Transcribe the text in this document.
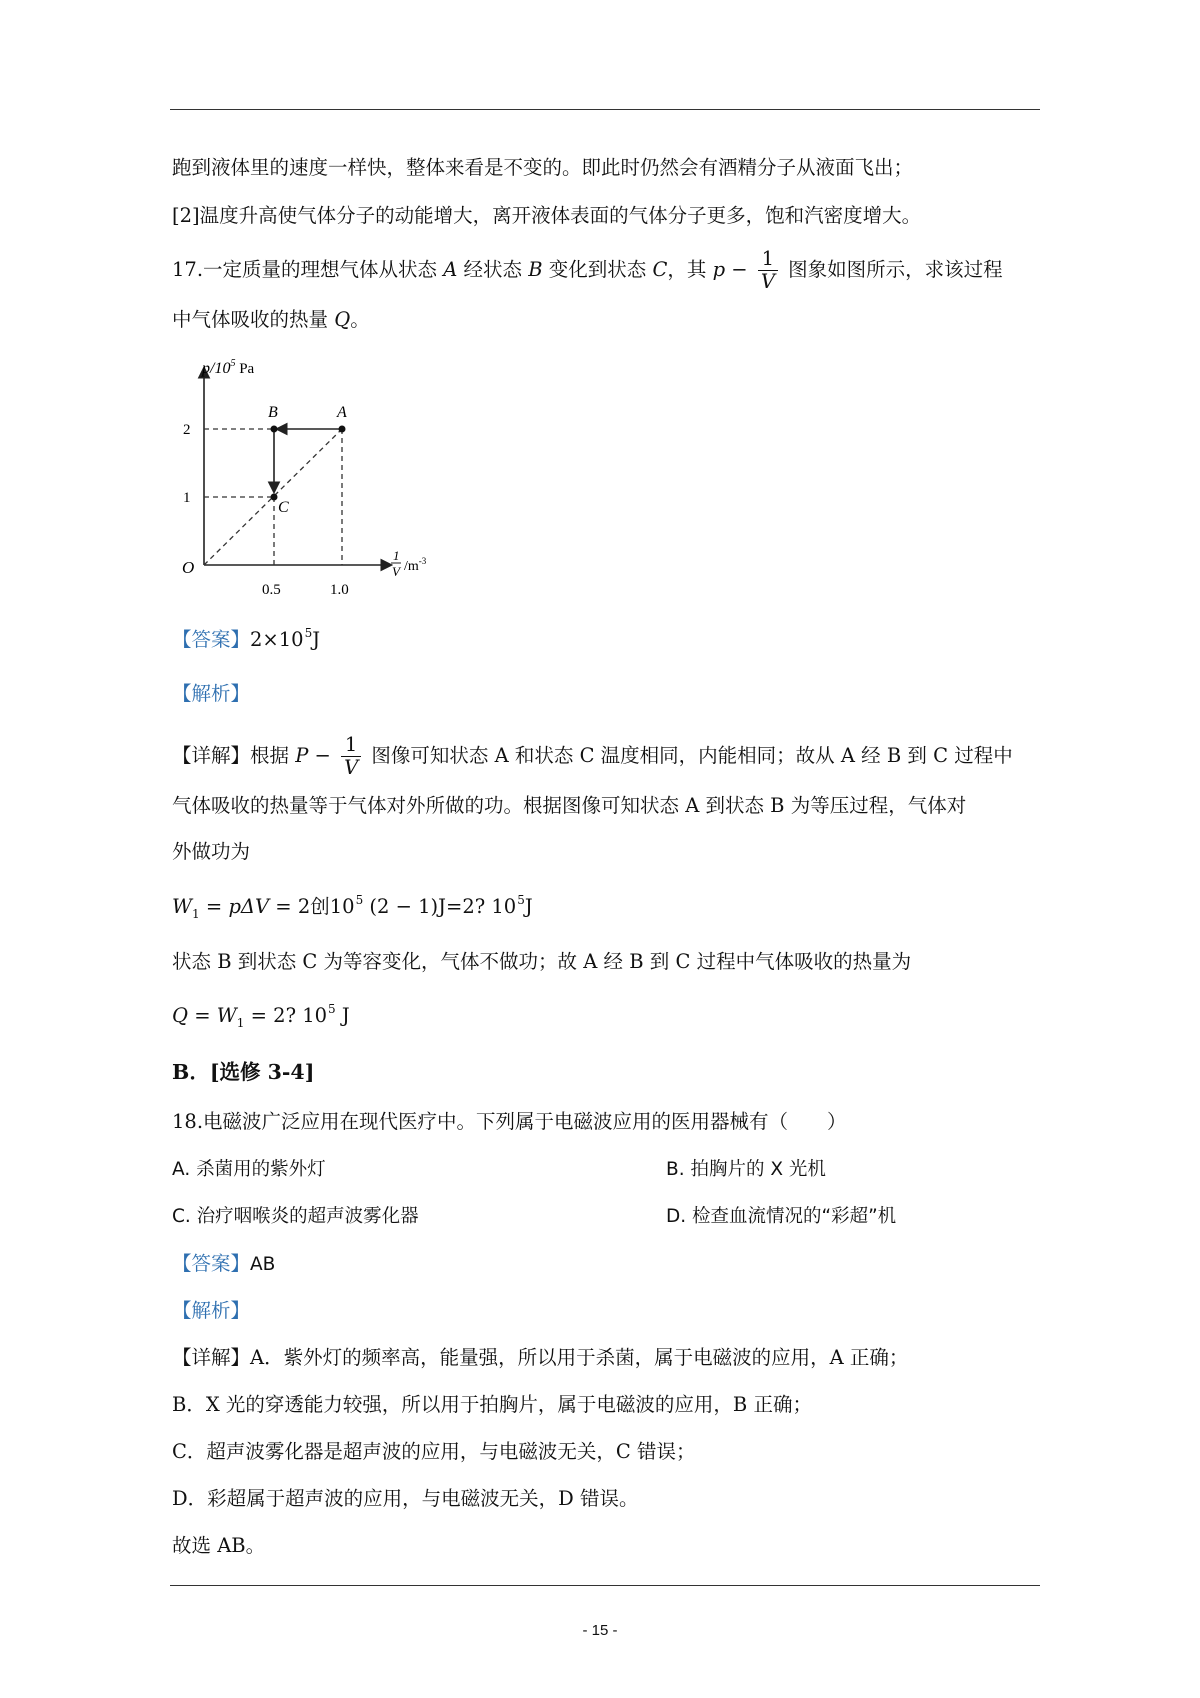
跑到液体里的速度一样快，整体来看是不变的。即此时仍然会有酒精分子从液面飞出；
[2]温度升高使气体分子的动能增大，离开液体表面的气体分子更多，饱和汽密度增大。
17.一定质量的理想气体从状态 A 经状态 B 变化到状态 C，其 $p - \frac{1}{V}$ 图象如图所示，求该过程
中气体吸收的热量 Q。
$p/10^5$ Pa
1
V $/m^{-3}$
O
2
1
0.5	1.0
B	A
C
【答案】$2\times 10^5J$
【解析】
【详解】根据 $P - \frac{1}{V}$ 图像可知状态 A 和状态 C 温度相同，内能相同；故从 A 经 B 到 C 过程中
气体吸收的热量等于气体对外所做的功。根据图像可知状态 A 到状态 B 为等压过程，气体对
外做功为
$W_1 = p\Delta V = 2$创$10^5$ (2 − 1)J=2? $10^5J$
状态 B 到状态 C 为等容变化，气体不做功；故 A 经 B 到 C 过程中气体吸收的热量为
$Q = W_1 = 2$? $10^5$ J
B．[选修 3-4]
18.电磁波广泛应用在现代医疗中。下列属于电磁波应用的医用器械有（　　）
A. 杀菌用的紫外灯	B. 拍胸片的 X 光机
C. 治疗咽喉炎的超声波雾化器	D. 检查血流情况的“彩超”机
【答案】AB
【解析】
【详解】A．紫外灯的频率高，能量强，所以用于杀菌，属于电磁波的应用，A 正确；
B．X 光的穿透能力较强，所以用于拍胸片，属于电磁波的应用，B 正确；
C．超声波雾化器是超声波的应用，与电磁波无关，C 错误；
D．彩超属于超声波的应用，与电磁波无关，D 错误。
故选 AB。
- 15 -
